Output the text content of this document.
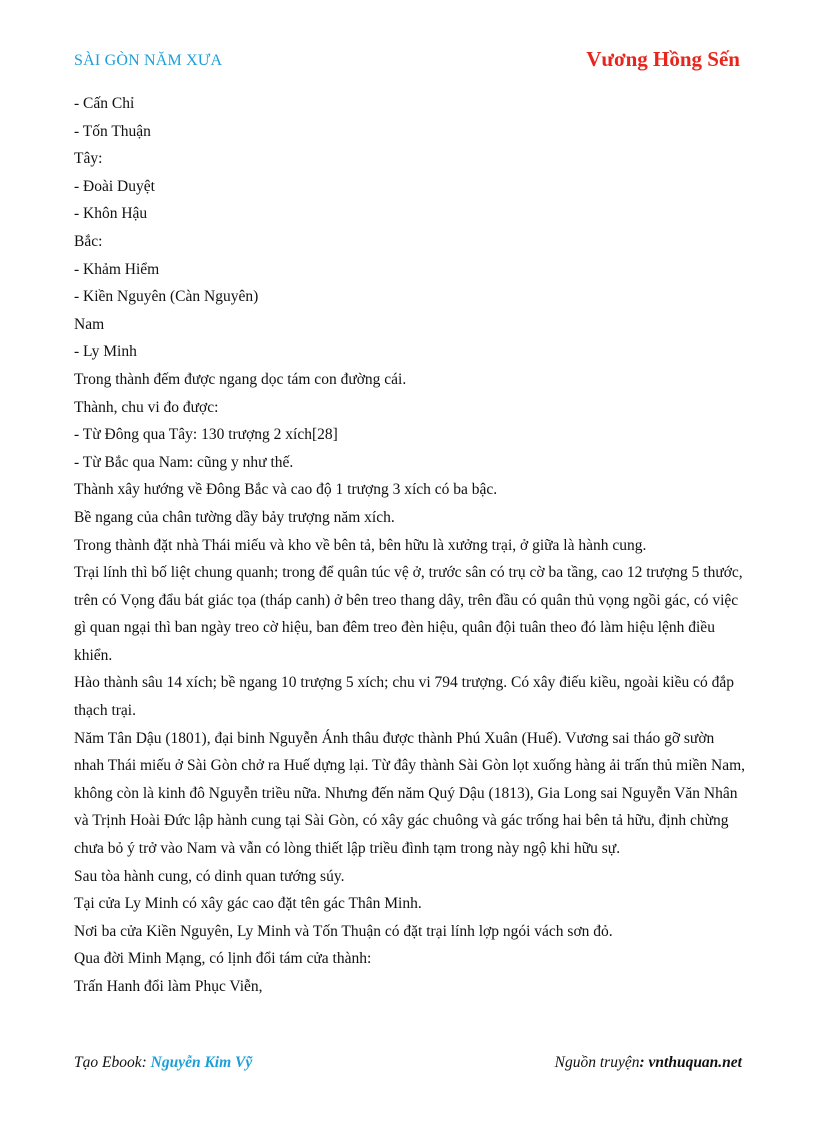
SÀI GÒN NĂM XƯA	Vương Hồng Sến

- Cấn Chỉ

- Tốn Thuận

Tây:

- Đoài Duyệt

- Khôn Hậu

Bắc:

- Khảm Hiểm

- Kiền Nguyên (Càn Nguyên)

Nam

- Ly Minh

Trong thành đếm được ngang dọc tám con đường cái.

Thành, chu vi đo được:

- Từ Đông qua Tây: 130 trượng 2 xích[28]

- Từ Bắc qua Nam: cũng y như thế.

Thành xây hướng về Đông Bắc và cao độ 1 trượng 3 xích có ba bậc.

Bề ngang của chân tường dầy bảy trượng năm xích.

Trong thành đặt nhà Thái miếu và kho về bên tả, bên hữu là xưởng trại, ở giữa là hành cung.

Trại lính thì bố liệt chung quanh; trong để quân túc vệ ở, trước sân có trụ cờ ba tầng, cao 12 trượng 5 thước, trên có Vọng đẩu bát giác tọa (tháp canh) ở bên treo thang dây, trên đầu có quân thủ vọng ngồi gác, có việc gì quan ngại thì ban ngày treo cờ hiệu, ban đêm treo đèn hiệu, quân đội tuân theo đó làm hiệu lệnh điều khiển.

Hào thành sâu 14 xích; bề ngang 10 trượng 5 xích; chu vi 794 trượng. Có xây điếu kiều, ngoài kiều có đắp thạch trại.

Năm Tân Dậu (1801), đại binh Nguyễn Ánh thâu được thành Phú Xuân (Huế). Vương sai tháo gỡ sườn nhah Thái miếu ở Sài Gòn chở ra Huế dựng lại. Từ đây thành Sài Gòn lọt xuống hàng ải trấn thủ miền Nam, không còn là kinh đô Nguyễn triều nữa. Nhưng đến năm Quý Dậu (1813), Gia Long sai Nguyễn Văn Nhân và Trịnh Hoài Đức lập hành cung tại Sài Gòn, có xây gác chuông và gác trống hai bên tả hữu, định chừng chưa bỏ ý trở vào Nam và vẫn có lòng thiết lập triều đình tạm trong này ngộ khi hữu sự.

Sau tòa hành cung, có dinh quan tướng súy.

Tại cửa Ly Minh có xây gác cao đặt tên gác Thân Minh.

Nơi ba cửa Kiền Nguyên, Ly Minh và Tốn Thuận có đặt trại lính lợp ngói vách sơn đỏ.

Qua đời Minh Mạng, có lịnh đổi tám cửa thành:

Trấn Hanh đổi làm Phục Viễn,

Tạo Ebook: Nguyễn Kim Vỹ	Nguồn truyện: vnthuquan.net
